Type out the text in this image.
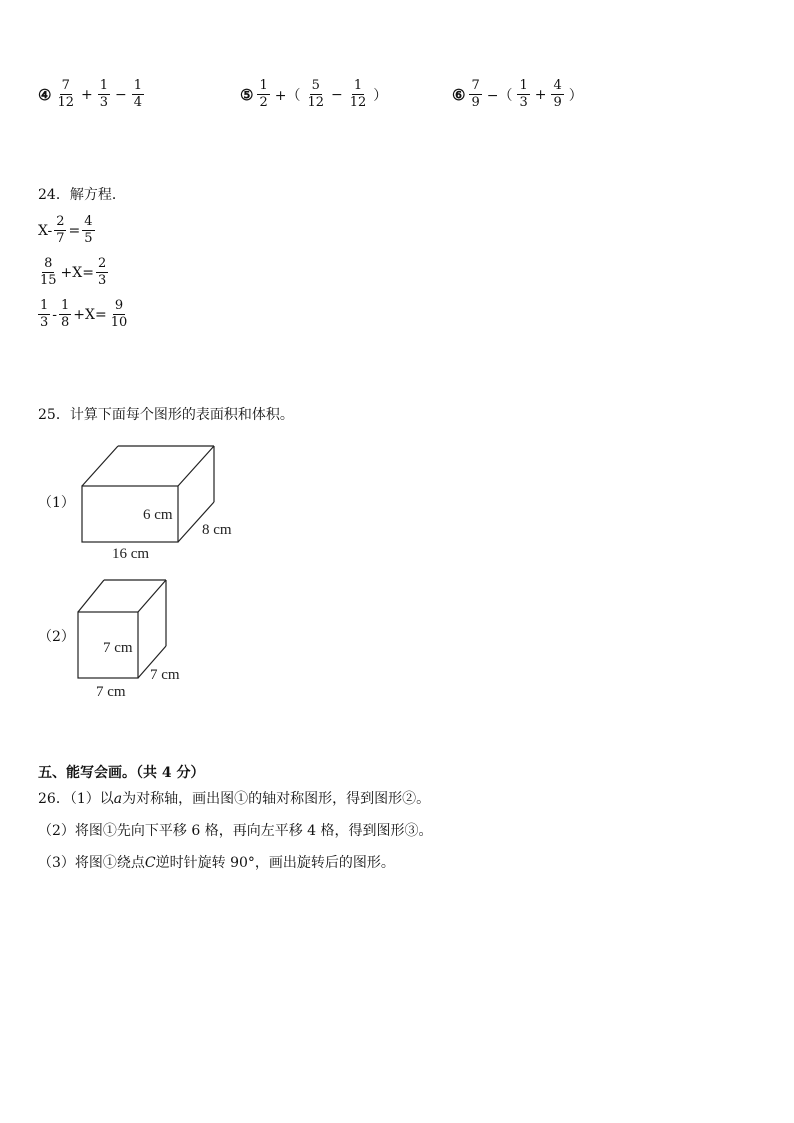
④ $\frac{7}{12} + \frac{1}{3} - \frac{1}{4}$	⑤ $\frac{1}{2}$ +（ $\frac{5}{12} - \frac{1}{12}$ ）	⑥ $\frac{7}{9}$ −（ $\frac{1}{3} + \frac{4}{9}$ ）
24．解方程．
$X- \frac{2}{7} = \frac{4}{5}$
$\frac{8}{15} +X= \frac{2}{3}$
$\frac{1}{3} - \frac{1}{8} +X= \frac{9}{10}$
25．计算下面每个图形的表面积和体积。
（1）
6 cm
8 cm
16 cm
（2）
7 cm
7 cm
7 cm
五、能写会画。（共 4 分）
26．（1）以a为对称轴，画出图①的轴对称图形，得到图形②。
（2）将图①先向下平移 6 格，再向左平移 4 格，得到图形③。
（3）将图①绕点C逆时针旋转 90°，画出旋转后的图形。
